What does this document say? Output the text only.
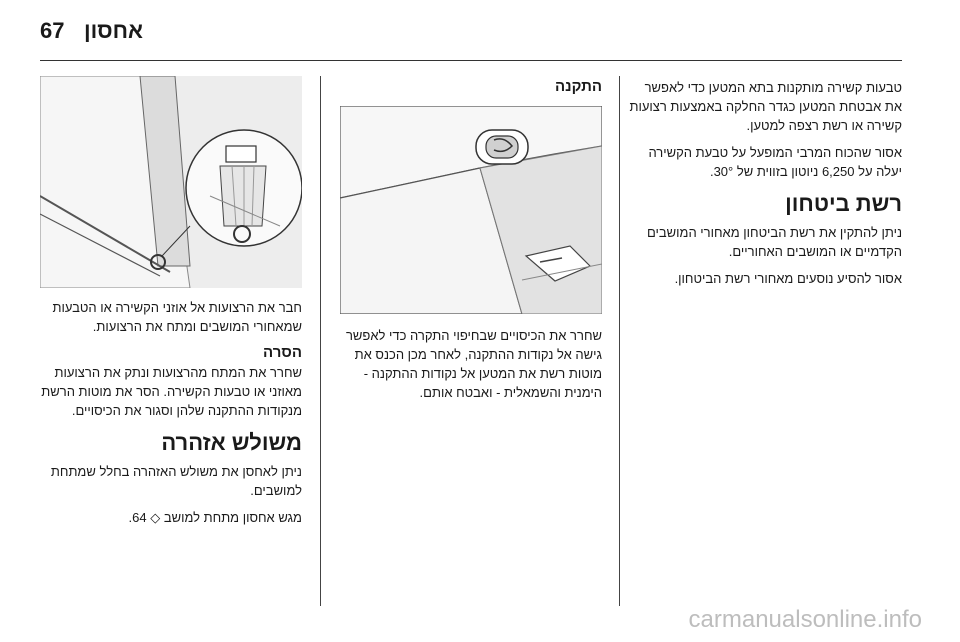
67 אחסון

טבעות קשירה מותקנות בתא המטען כדי לאפשר את אבטחת המטען כגדר החלקה באמצעות רצועות קשירה או רשת רצפה למטען.

אסור שהכוח המרבי המופעל על טבעת הקשירה יעלה על 6,250 ניוטון בזווית של 30°.

רשת ביטחון

ניתן להתקין את רשת הביטחון מאחורי המושבים הקדמיים או המושבים האחוריים.

אסור להסיע נוסעים מאחורי רשת הביטחון.

התקנה

שחרר את הכיסויים שבחיפוי התקרה כדי לאפשר גישה אל נקודות ההתקנה, לאחר מכן הכנס את מוטות רשת את המטען אל נקודות ההתקנה - הימנית והשמאלית - ואבטח אותם.

חבר את הרצועות אל אוזני הקשירה או הטבעות שמאחורי המושבים ומתח את הרצועות.

הסרה

שחרר את המתח מהרצועות ונתק את הרצועות מאוזני או טבעות הקשירה. הסר את מוטות הרשת מנקודות ההתקנה שלהן וסגור את הכיסויים.

משולש אזהרה

ניתן לאחסן את משולש האזהרה בחלל שמתחת למושבים.

מגש אחסון מתחת למושב ◇ 64.

carmanualsonline.info
